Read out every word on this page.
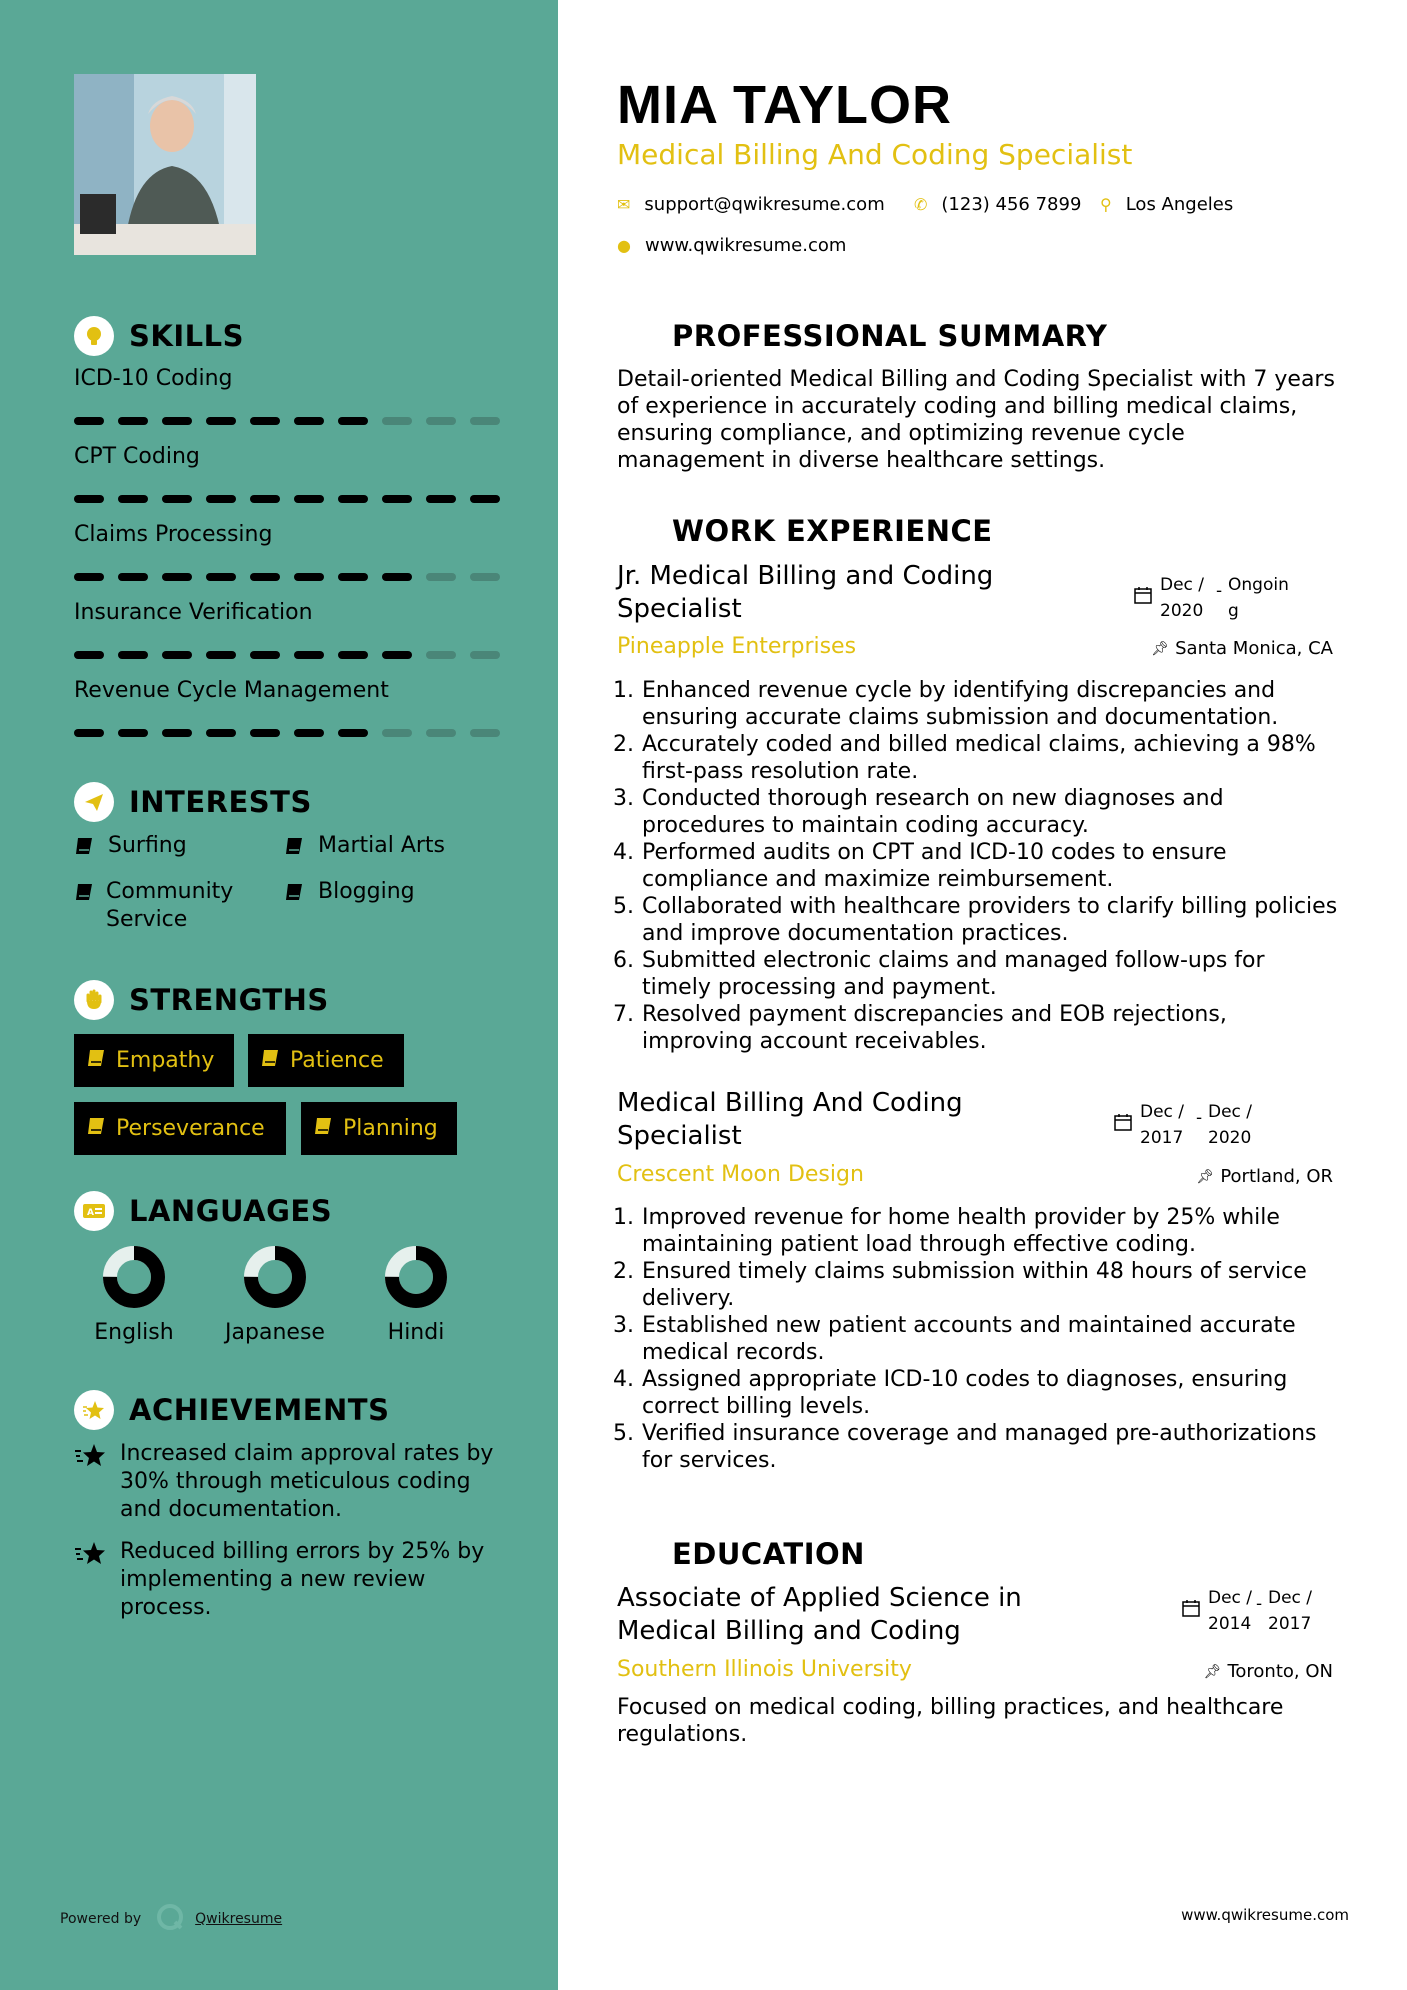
SKILLS
ICD-10 Coding
CPT Coding
Claims Processing
Insurance Verification
Revenue Cycle Management
INTERESTS
Surfing	Martial Arts
Community Service
Blogging
STRENGTHS
Empathy	Patience
Perseverance	Planning
A LANGUAGES
English	Japanese	Hindi
ACHIEVEMENTS
Increased claim approval rates by 30% through meticulous coding and documentation.
Reduced billing errors by 25% by implementing a new review process.
Powered by	Qwikresume
MIA TAYLOR
Medical Billing And Coding Specialist
✉ support@qwikresume.com ✆ (123) 456 7899 ⚲ Los Angeles
● www.qwikresume.com
PROFESSIONAL SUMMARY
Detail-oriented Medical Billing and Coding Specialist with 7 years of experience in accurately coding and billing medical claims, ensuring compliance, and optimizing revenue cycle management in diverse healthcare settings.
WORK EXPERIENCE
Jr. Medical Billing and Coding Specialist
Dec / 2020
- Ongoin g
Pineapple Enterprises	📌︎ Santa Monica, CA
1. Enhanced revenue cycle by identifying discrepancies and ensuring accurate claims submission and documentation.
2. Accurately coded and billed medical claims, achieving a 98% first-pass resolution rate.
3. Conducted thorough research on new diagnoses and procedures to maintain coding accuracy.
4. Performed audits on CPT and ICD-10 codes to ensure compliance and maximize reimbursement.
5. Collaborated with healthcare providers to clarify billing policies and improve documentation practices.
6. Submitted electronic claims and managed follow-ups for timely processing and payment.
7. Resolved payment discrepancies and EOB rejections, improving account receivables.
Medical Billing And Coding Specialist
Dec / 2017
- Dec / 2020
Crescent Moon Design	📌︎ Portland, OR
1. Improved revenue for home health provider by 25% while maintaining patient load through effective coding.
2. Ensured timely claims submission within 48 hours of service delivery.
3. Established new patient accounts and maintained accurate medical records.
4. Assigned appropriate ICD-10 codes to diagnoses, ensuring correct billing levels.
5. Verified insurance coverage and managed pre-authorizations for services.
EDUCATION
Associate of Applied Science in Medical Billing and Coding
Dec / 2014
- Dec / 2017
Southern Illinois University	📌︎ Toronto, ON
Focused on medical coding, billing practices, and healthcare regulations.
www.qwikresume.com
